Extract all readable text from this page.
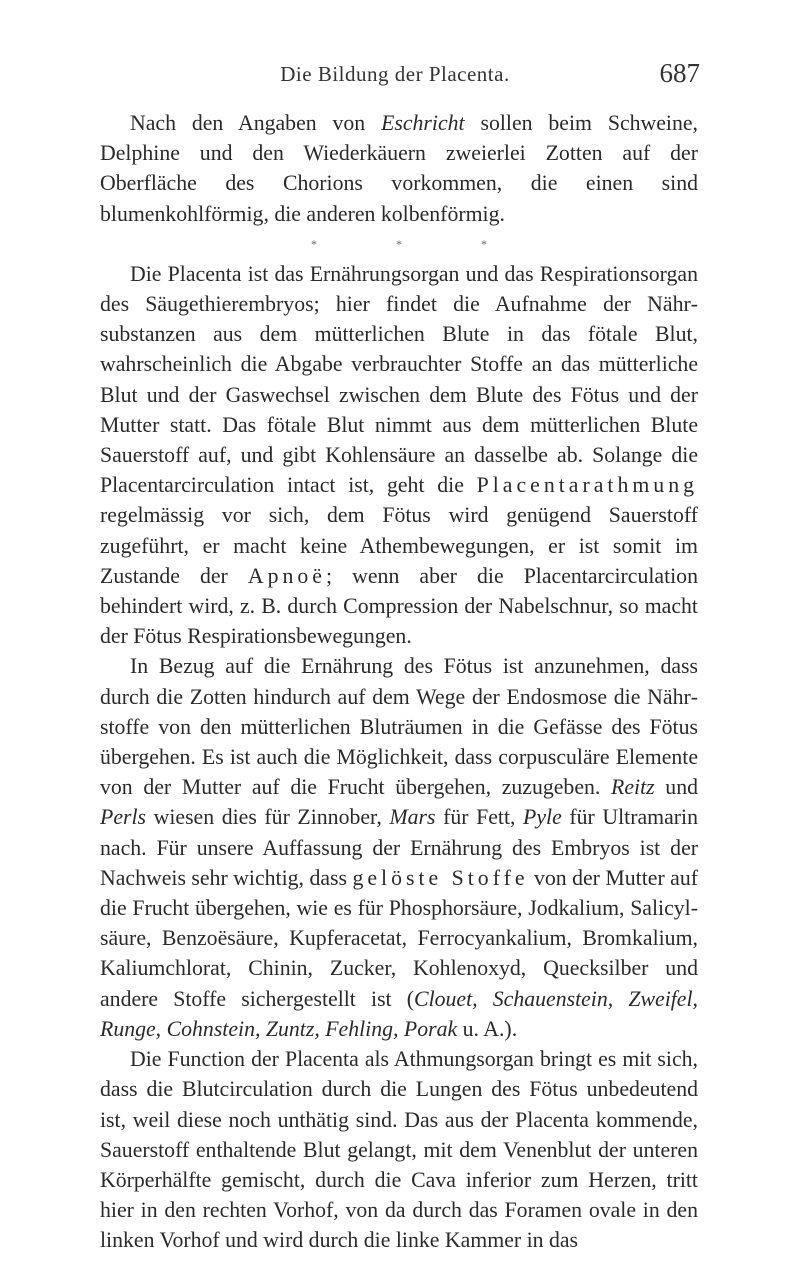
Die Bildung der Placenta.	687

Nach den Angaben von Eschricht sollen beim Schweine, Delphine und den Wiederkäuern zweierlei Zotten auf der Oberfläche des Chorions vorkommen, die einen sind blumenkohlförmig, die anderen kolbenförmig.

* * *

Die Placenta ist das Ernährungsorgan und das Respirationsorgan des Säugethierembryos; hier findet die Aufnahme der Nährsubstanzen aus dem mütterlichen Blute in das fötale Blut, wahrscheinlich die Abgabe verbrauchter Stoffe an das mütterliche Blut und der Gaswechsel zwischen dem Blute des Fötus und der Mutter statt. Das fötale Blut nimmt aus dem mütterlichen Blute Sauerstoff auf, und gibt Kohlensäure an dasselbe ab. Solange die Placentarcirculation intact ist, geht die Placentarathmung regelmässig vor sich, dem Fötus wird genügend Sauerstoff zugeführt, er macht keine Athembewegungen, er ist somit im Zustande der Apnoë; wenn aber die Placentarcirculation behindert wird, z. B. durch Compression der Nabelschnur, so macht der Fötus Respirationsbewegungen.

In Bezug auf die Ernährung des Fötus ist anzunehmen, dass durch die Zotten hindurch auf dem Wege der Endosmose die Nährstoffe von den mütterlichen Bluträumen in die Gefässe des Fötus übergehen. Es ist auch die Möglichkeit, dass corpusculäre Elemente von der Mutter auf die Frucht übergehen, zuzugeben. Reitz und Perls wiesen dies für Zinnober, Mars für Fett, Pyle für Ultramarin nach. Für unsere Auffassung der Ernährung des Embryos ist der Nachweis sehr wichtig, dass gelöste Stoffe von der Mutter auf die Frucht übergehen, wie es für Phosphorsäure, Jodkalium, Salicylsäure, Benzoësäure, Kupferacetat, Ferrocyankalium, Bromkalium, Kaliumchlorat, Chinin, Zucker, Kohlenoxyd, Quecksilber und andere Stoffe sichergestellt ist (Clouet, Schauenstein, Zweifel, Runge, Cohnstein, Zuntz, Fehling, Porak u. A.).

Die Function der Placenta als Athmungsorgan bringt es mit sich, dass die Blutcirculation durch die Lungen des Fötus unbedeutend ist, weil diese noch unthätig sind. Das aus der Placenta kommende, Sauerstoff enthaltende Blut gelangt, mit dem Venenblut der unteren Körperhälfte gemischt, durch die Cava inferior zum Herzen, tritt hier in den rechten Vorhof, von da durch das Foramen ovale in den linken Vorhof und wird durch die linke Kammer in das
